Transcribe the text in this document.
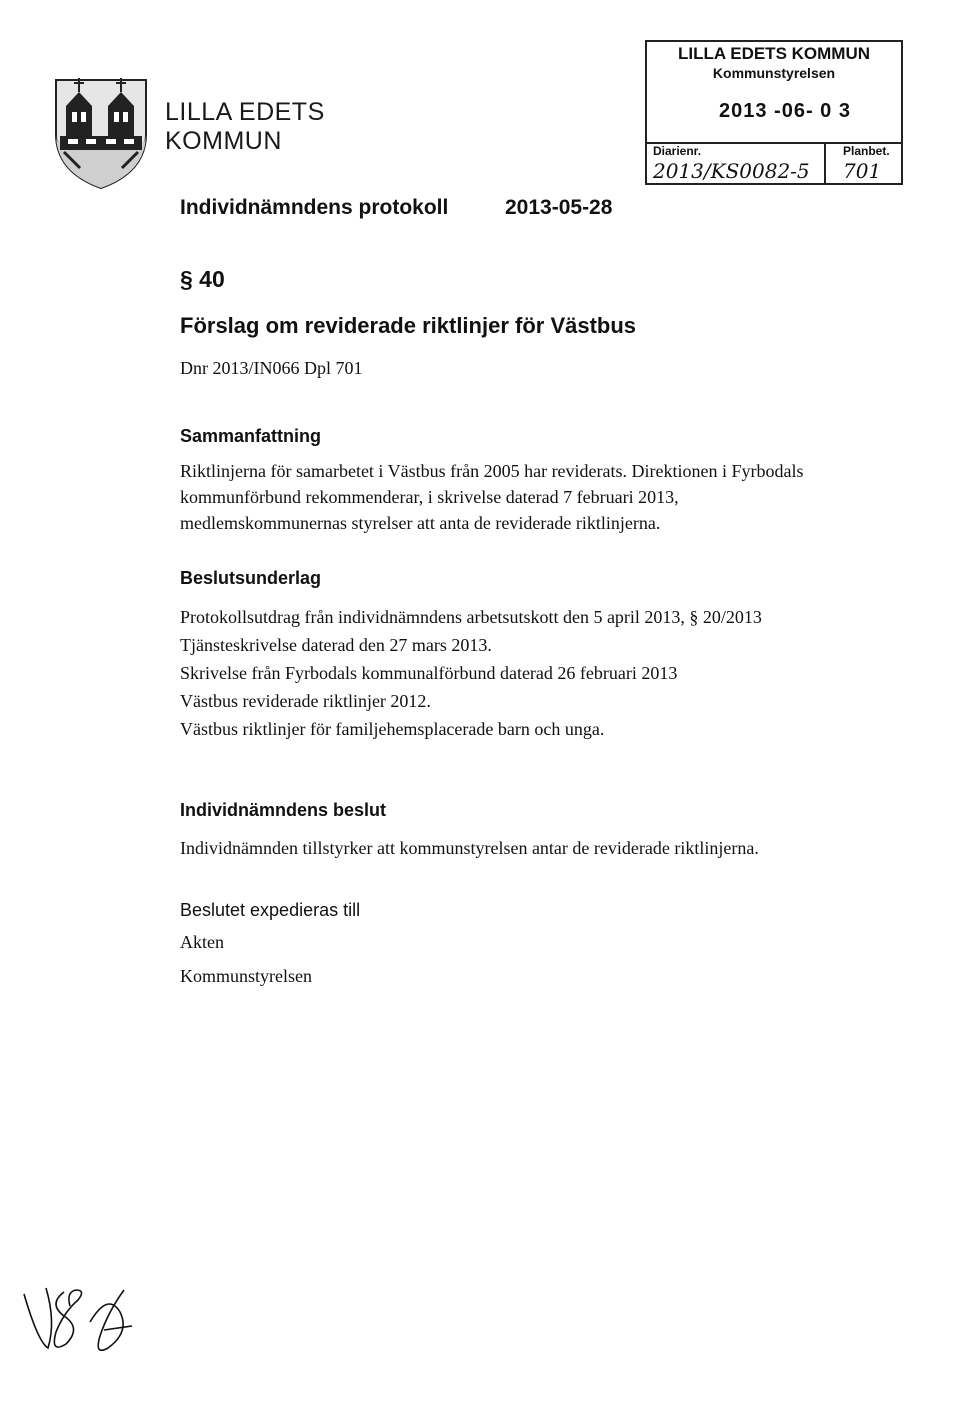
LILLA EDETS
KOMMUN
LILLA EDETS KOMMUN
Kommunstyrelsen
2013 -06- 0 3
Diarienr.	Planbet.
2013/KS0082-5 701
Individnämndens protokoll	2013-05-28
§ 40
Förslag om reviderade riktlinjer för Västbus
Dnr 2013/IN066 Dpl 701
Sammanfattning
Riktlinjerna för samarbetet i Västbus från 2005 har reviderats. Direktionen i Fyrbodals
kommunförbund rekommenderar, i skrivelse daterad 7 februari 2013,
medlemskommunernas styrelser att anta de reviderade riktlinjerna.
Beslutsunderlag
Protokollsutdrag från individnämndens arbetsutskott den 5 april 2013, § 20/2013
Tjänsteskrivelse daterad den 27 mars 2013.
Skrivelse från Fyrbodals kommunalförbund daterad 26 februari 2013
Västbus reviderade riktlinjer 2012.
Västbus riktlinjer för familjehemsplacerade barn och unga.
Individnämndens beslut
Individnämnden tillstyrker att kommunstyrelsen antar de reviderade riktlinjerna.
Beslutet expedieras till
Akten
Kommunstyrelsen
